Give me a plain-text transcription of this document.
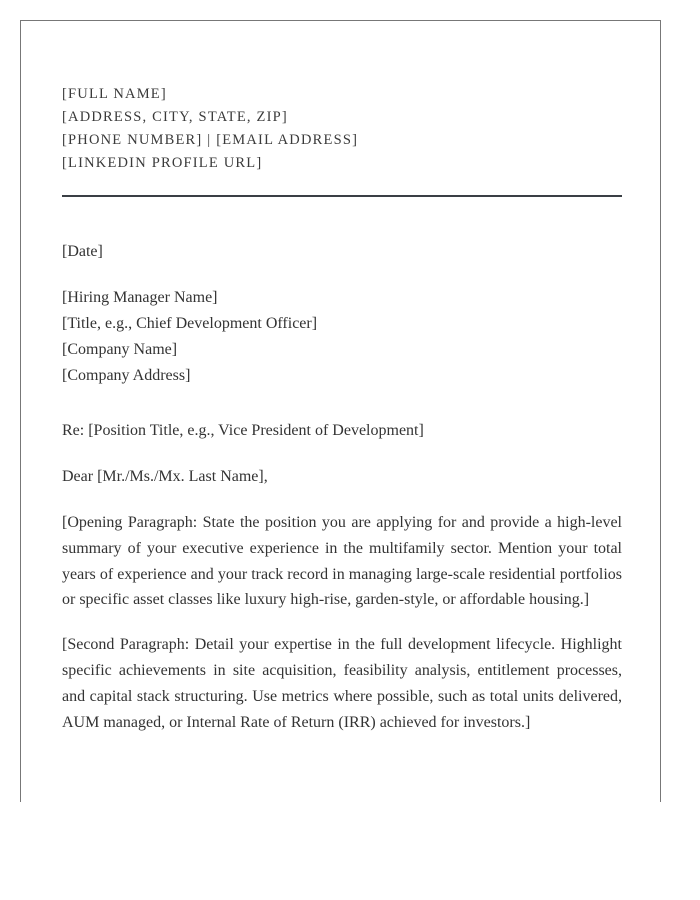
[FULL NAME]
[ADDRESS, CITY, STATE, ZIP]
[PHONE NUMBER] | [EMAIL ADDRESS]
[LINKEDIN PROFILE URL]
[Date]
[Hiring Manager Name]
[Title, e.g., Chief Development Officer]
[Company Name]
[Company Address]
Re: [Position Title, e.g., Vice President of Development]
Dear [Mr./Ms./Mx. Last Name],
[Opening Paragraph: State the position you are applying for and provide a high-level summary of your executive experience in the multifamily sector. Mention your total years of experience and your track record in managing large-scale residential portfolios or specific asset classes like luxury high-rise, garden-style, or affordable housing.]
[Second Paragraph: Detail your expertise in the full development lifecycle. Highlight specific achievements in site acquisition, feasibility analysis, entitlement processes, and capital stack structuring. Use metrics where possible, such as total units delivered, AUM managed, or Internal Rate of Return (IRR) achieved for investors.]
